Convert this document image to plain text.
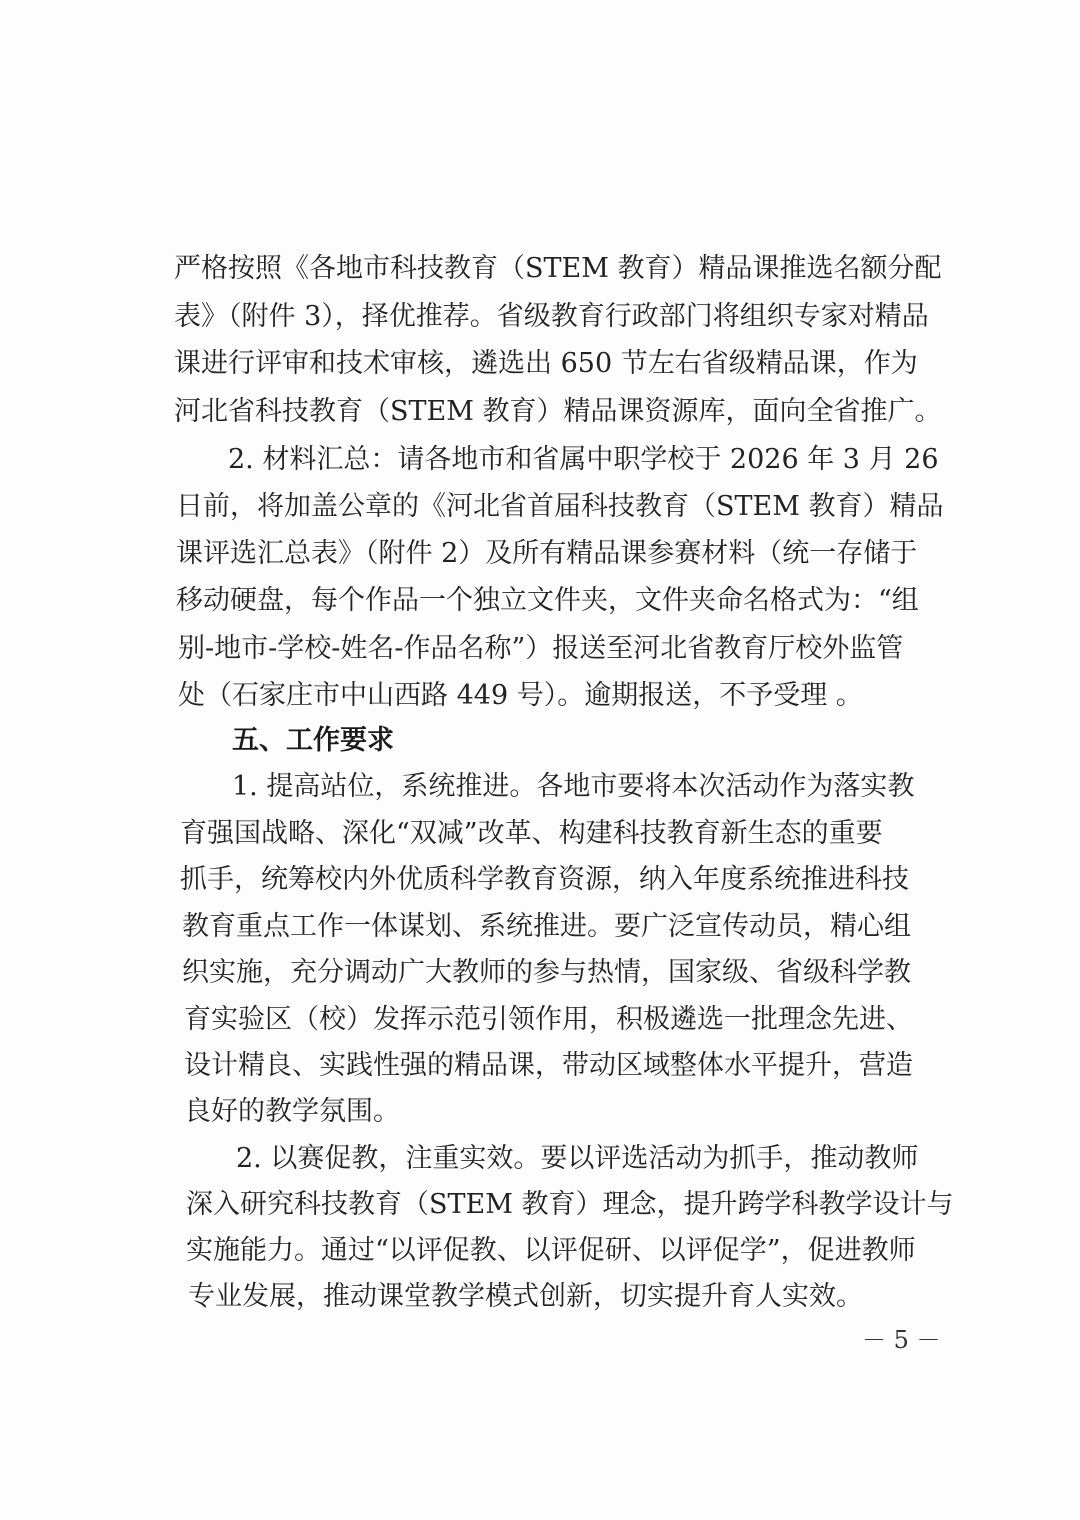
严格按照《各地市科技教育（STEM 教育）精品课推选名额分配
表》（附件 3），择优推荐。省级教育行政部门将组织专家对精品
课进行评审和技术审核，遴选出 650 节左右省级精品课，作为
河北省科技教育（STEM 教育）精品课资源库，面向全省推广。
2. 材料汇总：请各地市和省属中职学校于 2026 年 3 月 26
日前，将加盖公章的《河北省首届科技教育（STEM 教育）精品
课评选汇总表》（附件 2）及所有精品课参赛材料（统一存储于
移动硬盘，每个作品一个独立文件夹，文件夹命名格式为：“组
别-地市-学校-姓名-作品名称”）报送至河北省教育厅校外监管
处（石家庄市中山西路 449 号）。逾期报送，不予受理 。
五、工作要求
1. 提高站位，系统推进。各地市要将本次活动作为落实教
育强国战略、深化“双减”改革、构建科技教育新生态的重要
抓手，统筹校内外优质科学教育资源，纳入年度系统推进科技
教育重点工作一体谋划、系统推进。要广泛宣传动员，精心组
织实施，充分调动广大教师的参与热情，国家级、省级科学教
育实验区（校）发挥示范引领作用，积极遴选一批理念先进、
设计精良、实践性强的精品课，带动区域整体水平提升，营造
良好的教学氛围。
2. 以赛促教，注重实效。要以评选活动为抓手，推动教师
深入研究科技教育（STEM 教育）理念，提升跨学科教学设计与
实施能力。通过“以评促教、以评促研、以评促学”，促进教师
专业发展，推动课堂教学模式创新，切实提升育人实效。
－ 5 －
